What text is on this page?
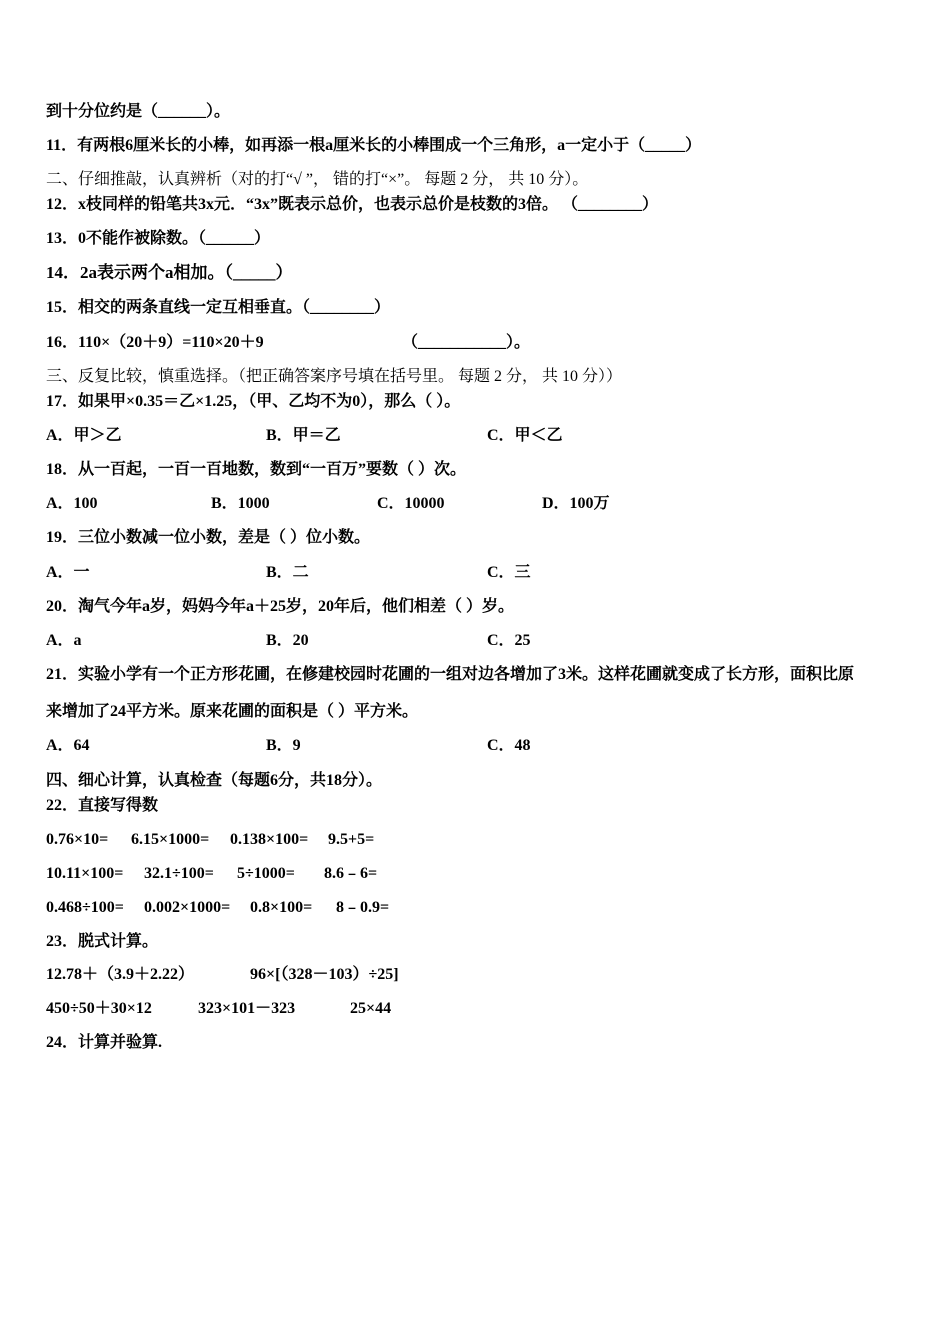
到十分位约是（______）。
11．有两根6厘米长的小棒，如再添一根a厘米长的小棒围成一个三角形，a一定小于（_____）
二、仔细推敲，认真辨析（对的打“√ ”， 错的打“×”。 每题 2 分， 共 10 分）。
12．x枝同样的铅笔共3x元．“3x”既表示总价，也表示总价是枝数的3倍。 （________）
13．0不能作被除数。（______）
14．2a表示两个a相加。（_____）
15．相交的两条直线一定互相垂直。（________）
16．110×（20＋9）=110×20＋9	（___________）。
三、反复比较，慎重选择。（把正确答案序号填在括号里。 每题 2 分， 共 10 分））
17．如果甲×0.35＝乙×1.25，（甲、乙均不为0），那么（ ）。
A．甲＞乙	B．甲＝乙	C．甲＜乙
18．从一百起，一百一百地数，数到“一百万”要数（ ）次。
A．100	B．1000	C．10000	D．100万
19．三位小数减一位小数，差是（ ）位小数。
A．一	B．二	C．三
20．淘气今年a岁，妈妈今年a＋25岁，20年后，他们相差（ ）岁。
A．a	B．20	C．25
21．实验小学有一个正方形花圃，在修建校园时花圃的一组对边各增加了3米。这样花圃就变成了长方形，面积比原
来增加了24平方米。原来花圃的面积是（ ）平方米。
A．64	B．9	C．48
四、细心计算，认真检查（每题6分，共18分）。
22．直接写得数
0.76×10= 6.15×1000= 0.138×100= 9.5+5=
10.11×100= 32.1÷100= 5÷1000= 8.6﹣6=
0.468÷100= 0.002×1000= 0.8×100= 8﹣0.9=
23．脱式计算。
12.78＋（3.9＋2.22）	96×[（328－103）÷25]
450÷50＋30×12	323×101－323	25×44
24．计算并验算.
